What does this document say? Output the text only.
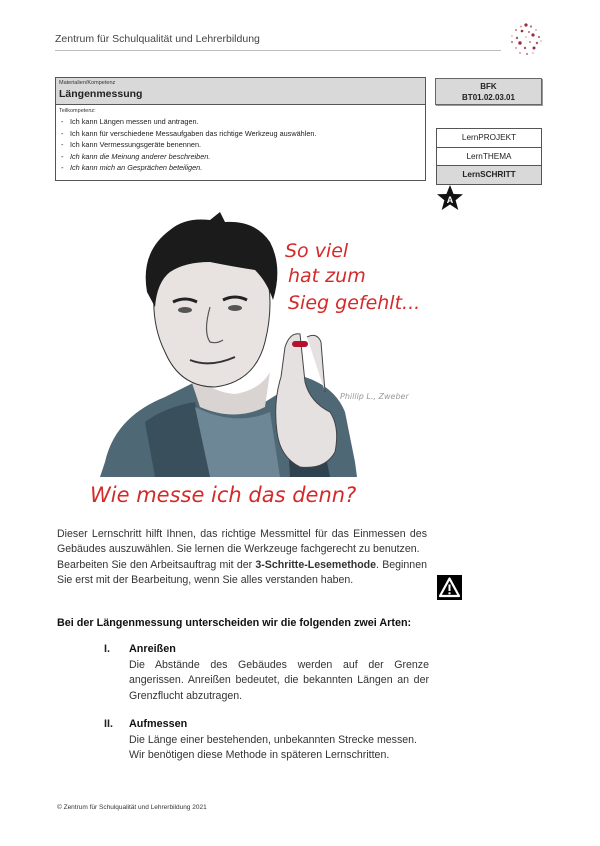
Zentrum für Schulqualität und Lehrerbildung
Materialien/Kompetenz
Längenmessung
Teilkompetenz:
- Ich kann Längen messen und antragen.
- Ich kann für verschiedene Messaufgaben das richtige Werkzeug auswählen.
- Ich kann Vermessungsgeräte benennen.
- Ich kann die Meinung anderer beschreiben.
- Ich kann mich an Gesprächen beteiligen.
BFK
BT01.02.03.01
LernPROJEKT
LernTHEMA
LernSCHRITT
A
So viel
hat zum
Sieg gefehlt...
Phillip L., Zweber
Wie messe ich das denn?
Dieser Lernschritt hilft Ihnen, das richtige Messmittel für das Einmessen des Gebäudes auszuwählen. Sie lernen die Werkzeuge fachgerecht zu benutzen.
Bearbeiten Sie den Arbeitsauftrag mit der 3-Schritte-Lesemethode. Beginnen Sie erst mit der Bearbeitung, wenn Sie alles verstanden haben.
Bei der Längenmessung unterscheiden wir die folgenden zwei Arten:
I. Anreißen
Die Abstände des Gebäudes werden auf der Grenze angerissen. Anreißen bedeutet, die bekannten Längen an der Grenzflucht abzutragen.
II. Aufmessen
Die Länge einer bestehenden, unbekannten Strecke messen.
Wir benötigen diese Methode in späteren Lernschritten.
© Zentrum für Schulqualität und Lehrerbildung 2021
